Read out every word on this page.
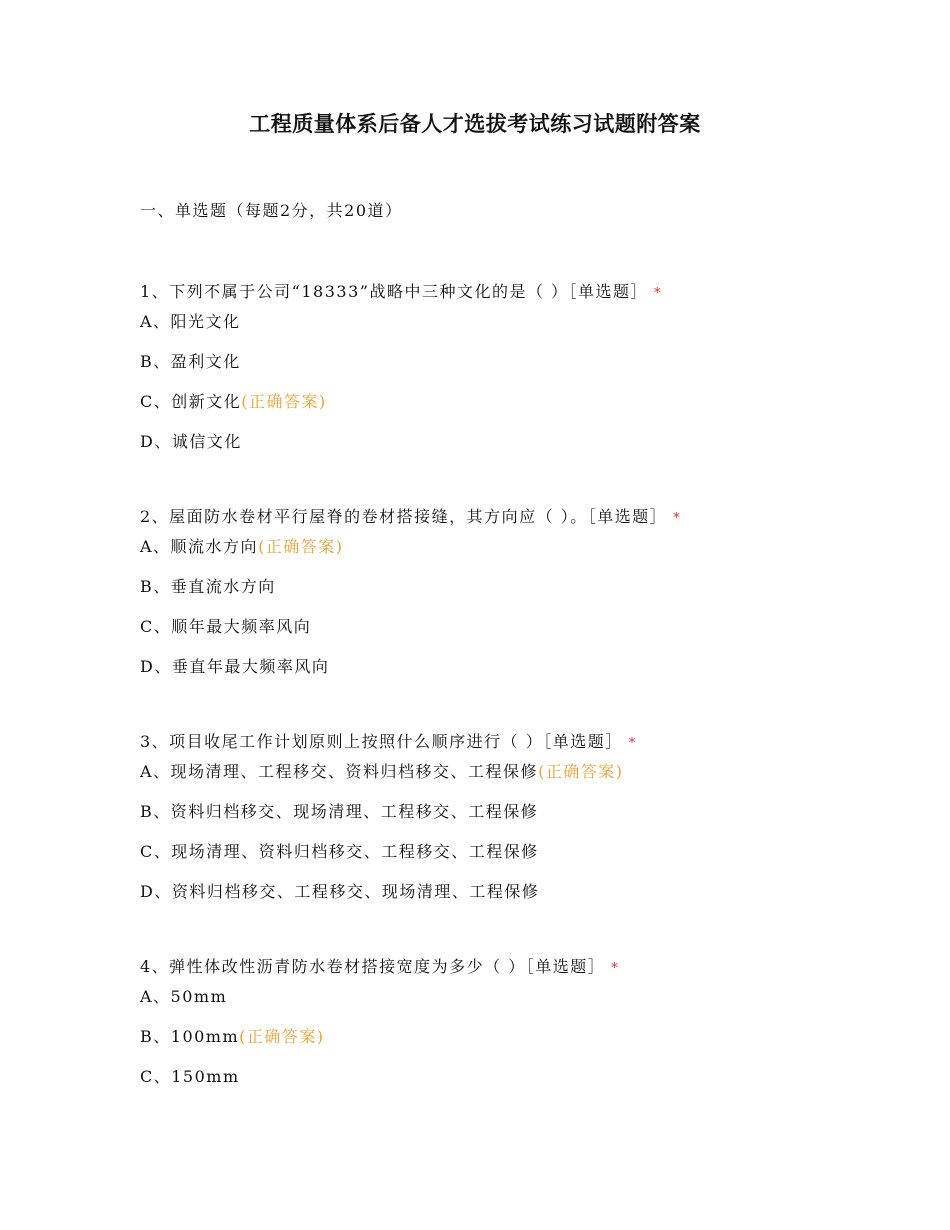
工程质量体系后备人才选拔考试练习试题附答案
一、单选题（每题2分，共20道）
1、下列不属于公司“18333”战略中三种文化的是（ ）［单选题］ *
A、阳光文化
B、盈利文化
C、创新文化(正确答案)
D、诚信文化
2、屋面防水卷材平行屋脊的卷材搭接缝，其方向应（ ）。［单选题］ *
A、顺流水方向(正确答案)
B、垂直流水方向
C、顺年最大频率风向
D、垂直年最大频率风向
3、项目收尾工作计划原则上按照什么顺序进行（ ）［单选题］ *
A、现场清理、工程移交、资料归档移交、工程保修(正确答案)
B、资料归档移交、现场清理、工程移交、工程保修
C、现场清理、资料归档移交、工程移交、工程保修
D、资料归档移交、工程移交、现场清理、工程保修
4、弹性体改性沥青防水卷材搭接宽度为多少（ ）［单选题］ *
A、50mm
B、100mm(正确答案)
C、150mm
